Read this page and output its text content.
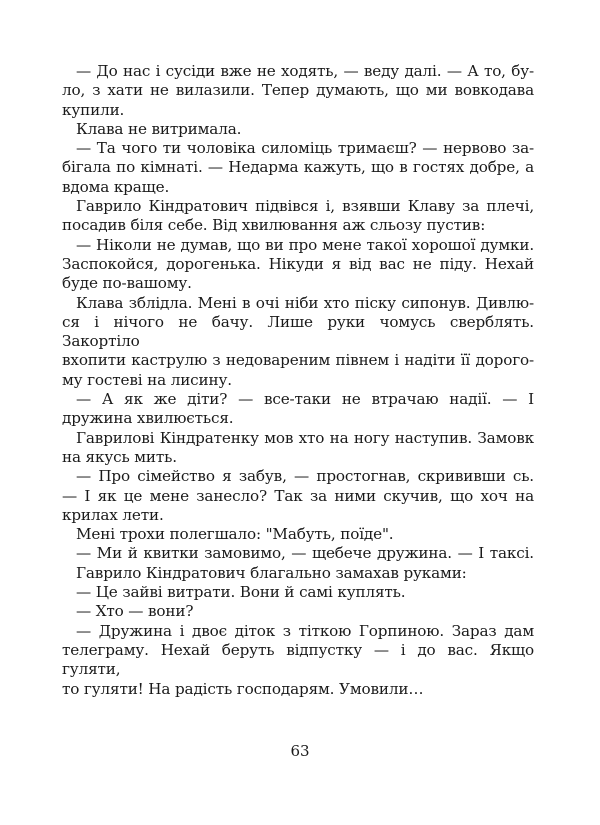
— До нас і сусіди вже не ходять, — веду далі. — А то, бу-
ло, з хати не вилазили. Тепер думають, що ми вовкодава
купили.
Клава не витримала.
— Та чого ти чоловіка силоміць тримаєш? — нервово за-
бігала по кімнаті. — Недарма кажуть, що в гостях добре, а
вдома краще.
Гаврило Кіндратович підвівся і, взявши Клаву за плечі,
посадив біля себе. Від хвилювання аж сльозу пустив:
— Ніколи не думав, що ви про мене такої хорошої думки.
Заспокойся, дорогенька. Нікуди я від вас не піду. Нехай
буде по-вашому.
Клава зблідла. Мені в очі ніби хто піску сипонув. Дивлю-
ся і нічого не бачу. Лише руки чомусь сверблять. Закортіло
вхопити каструлю з недовареним півнем і надіти її дорого-
му гостеві на лисину.
— А як же діти? — все-таки не втрачаю надії. — І
дружина хвилюється.
Гаврилові Кіндратенку мов хто на ногу наступив. Замовк
на якусь мить.
— Про сімейство я забув, — простогнав, скрививши сь.
— І як це мене занесло? Так за ними скучив, що хоч на
крилах лети.
Мені трохи полегшало: "Мабуть, поїде".
— Ми й квитки замовимо, — щебече дружина. — І таксі.
Гаврило Кіндратович благально замахав руками:
— Це зайві витрати. Вони й самі куплять.
— Хто — вони?
— Дружина і двоє діток з тіткою Горпиною. Зараз дам
телеграму. Нехай беруть відпустку — і до вас. Якщо гуляти,
то гуляти! На радість господарям. Умовили…
63
